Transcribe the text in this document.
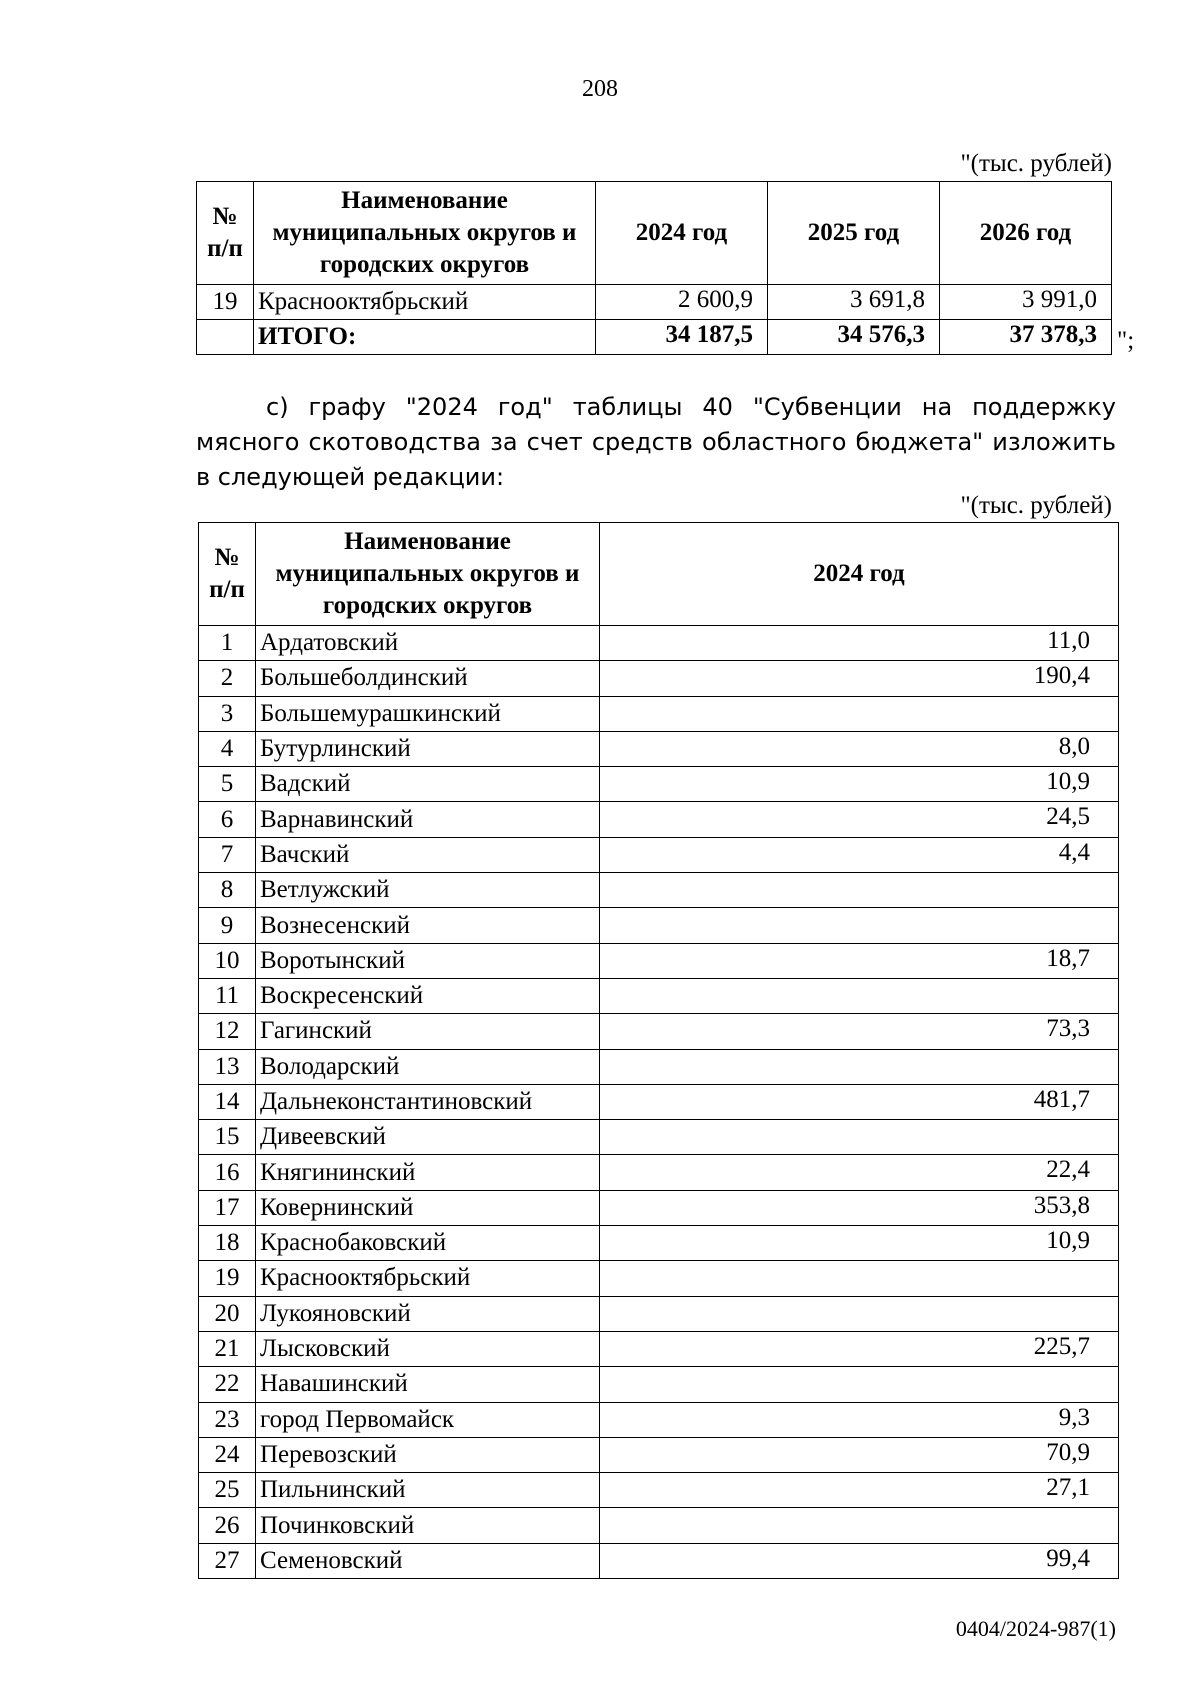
208
"(тыс. рублей)
№ п/п	Наименование муниципальных округов и городских округов	2024 год	2025 год	2026 год
19	Краснооктябрьский	2 600,9	3 691,8	3 991,0
	ИТОГО:	34 187,5	34 576,3	37 378,3 ";
с) графу "2024 год" таблицы 40 "Субвенции на поддержку мясного скотоводства за счет средств областного бюджета" изложить в следующей редакции:
"(тыс. рублей)
№ п/п	Наименование муниципальных округов и городских округов	2024 год
1	Ардатовский	11,0
2	Большеболдинский	190,4
3	Большемурашкинский	
4	Бутурлинский	8,0
5	Вадский	10,9
6	Варнавинский	24,5
7	Вачский	4,4
8	Ветлужский	
9	Вознесенский	
10	Воротынский	18,7
11	Воскресенский	
12	Гагинский	73,3
13	Володарский	
14	Дальнеконстантиновский	481,7
15	Дивеевский	
16	Княгининский	22,4
17	Ковернинский	353,8
18	Краснобаковский	10,9
19	Краснооктябрьский	
20	Лукояновский	
21	Лысковский	225,7
22	Навашинский	
23	город Первомайск	9,3
24	Перевозский	70,9
25	Пильнинский	27,1
26	Починковский	
27	Семеновский	99,4
0404/2024-987(1)
